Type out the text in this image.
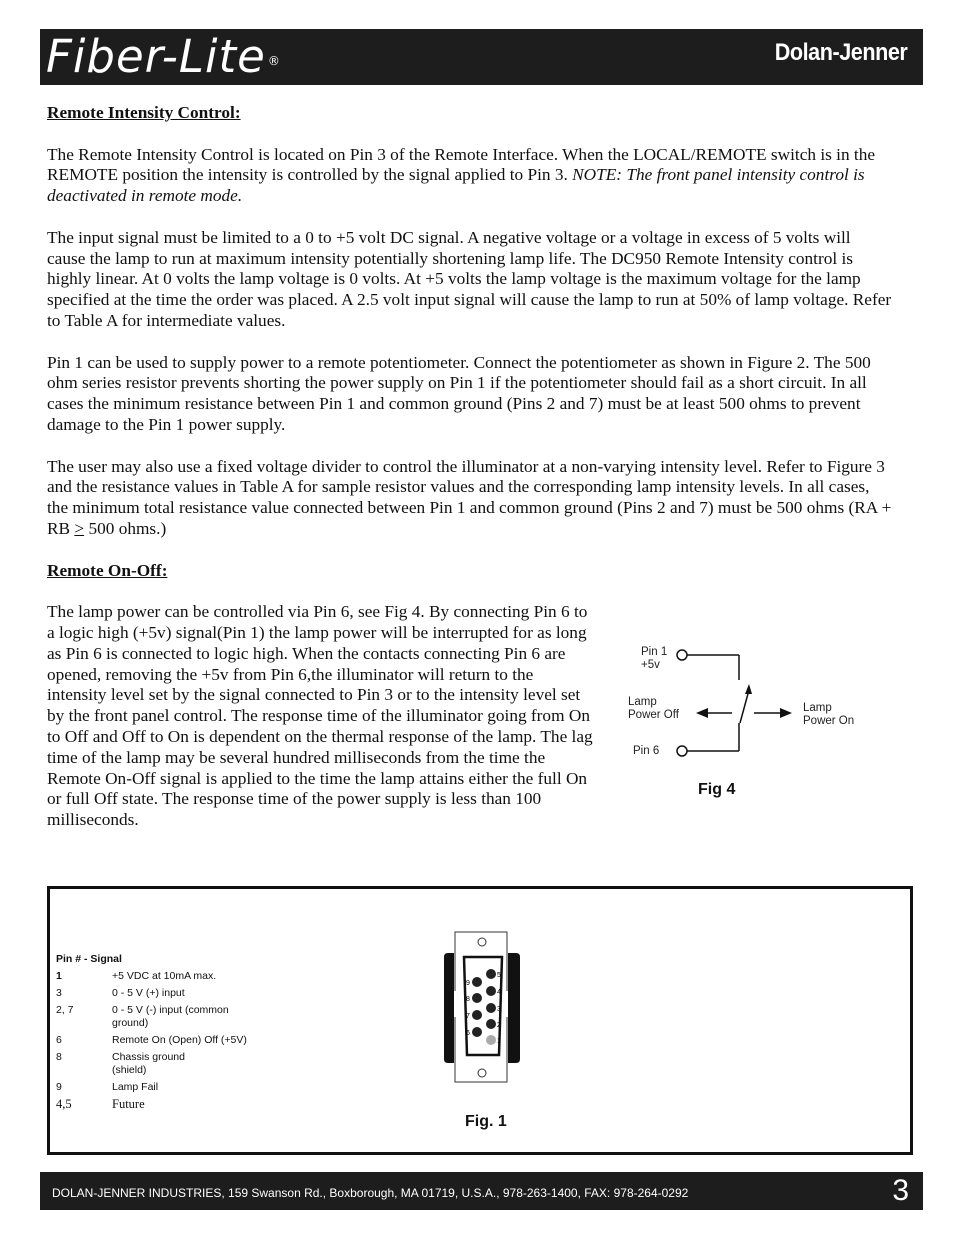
Fiber-Lite ®	Dolan-Jenner

Remote Intensity Control:

The Remote Intensity Control is located on Pin 3 of the Remote Interface. When the LOCAL/REMOTE switch is in the REMOTE position the intensity is controlled by the signal applied to Pin 3. NOTE: The front panel intensity control is deactivated in remote mode.

The input signal must be limited to a 0 to +5 volt DC signal. A negative voltage or a voltage in excess of 5 volts will cause the lamp to run at maximum intensity potentially shortening lamp life. The DC950 Remote Intensity control is highly linear. At 0 volts the lamp voltage is 0 volts. At +5 volts the lamp voltage is the maximum voltage for the lamp specified at the time the order was placed. A 2.5 volt input signal will cause the lamp to run at 50% of lamp voltage. Refer to Table A for intermediate values.

Pin 1 can be used to supply power to a remote potentiometer. Connect the potentiometer as shown in Figure 2. The 500 ohm series resistor prevents shorting the power supply on Pin 1 if the potentiometer should fail as a short circuit. In all cases the minimum resistance between Pin 1 and common ground (Pins 2 and 7) must be at least 500 ohms to prevent damage to the Pin 1 power supply.

The user may also use a fixed voltage divider to control the illuminator at a non-varying intensity level. Refer to Figure 3 and the resistance values in Table A for sample resistor values and the corresponding lamp intensity levels. In all cases, the minimum total resistance value connected between Pin 1 and common ground (Pins 2 and 7) must be 500 ohms (RA + RB ≥ 500 ohms.)

Remote On-Off:

The lamp power can be controlled via Pin 6, see Fig 4. By connecting Pin 6 to a logic high (+5v) signal(Pin 1) the lamp power will be interrupted for as long as Pin 6 is connected to logic high. When the contacts connecting Pin 6 are opened, removing the +5v from Pin 6,the illuminator will return to the intensity level set by the signal connected to Pin 3 or to the intensity level set by the front panel control. The response time of the illuminator going from On to Off and Off to On is dependent on the thermal response of the lamp. The lag time of the lamp may be several hundred milliseconds from the time the Remote On-Off signal is applied to the time the lamp attains either the full On or full Off state. The response time of the power supply is less than 100 milliseconds.

Pin 1
+5v
Lamp
Power Off
Lamp
Power On
Pin 6
Fig 4
Pin # - Signal
1	+5 VDC at 10mA max.
3	0 - 5 V (+) input
2, 7	0 - 5 V (-) input (common ground)
6	Remote On (Open) Off (+5V)
8	Chassis ground (shield)
9	Lamp Fail
4,5	Future
5
4
3
2
1
9
8
7
6
Fig. 1
DOLAN-JENNER INDUSTRIES, 159 Swanson Rd., Boxborough, MA 01719, U.S.A., 978-263-1400, FAX: 978-264-0292	3
